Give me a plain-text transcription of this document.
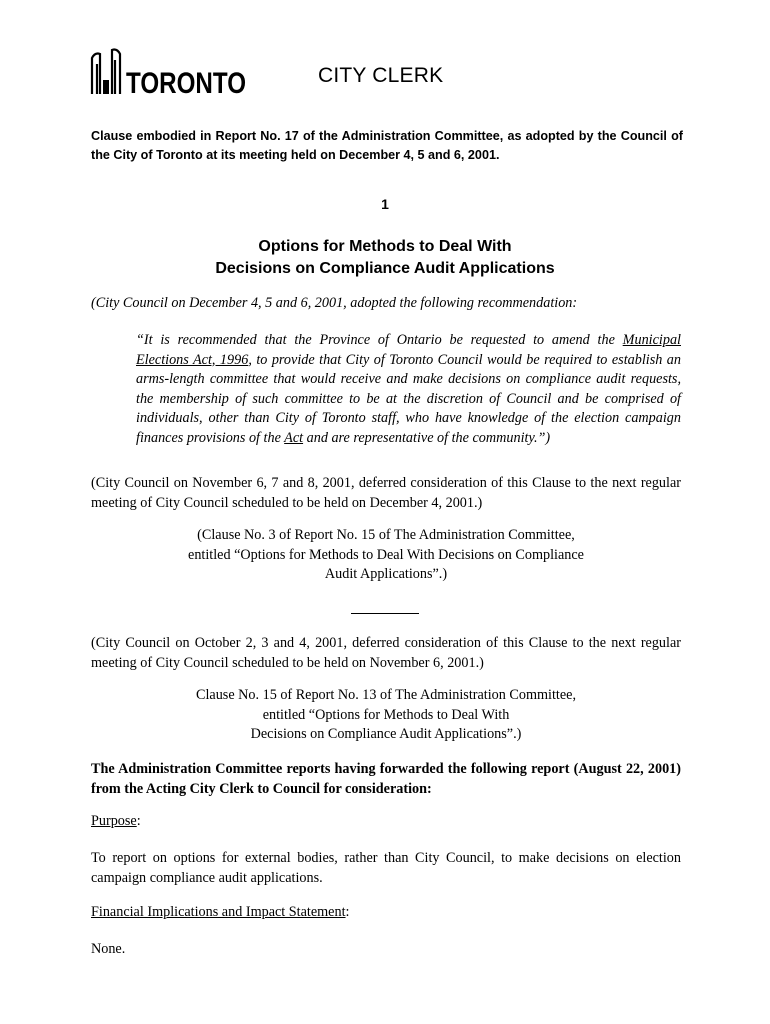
TORONTO	CITY CLERK
Clause embodied in Report No. 17 of the Administration Committee, as adopted by the Council of the City of Toronto at its meeting held on December 4, 5 and 6, 2001.
1
Options for Methods to Deal With
Decisions on Compliance Audit Applications
(City Council on December 4, 5 and 6, 2001, adopted the following recommendation:
“It is recommended that the Province of Ontario be requested to amend the Municipal Elections Act, 1996, to provide that City of Toronto Council would be required to establish an arms-length committee that would receive and make decisions on compliance audit requests, the membership of such committee to be at the discretion of Council and be comprised of individuals, other than City of Toronto staff, who have knowledge of the election campaign finances provisions of the Act and are representative of the community.”)
(City Council on November 6, 7 and 8, 2001, deferred consideration of this Clause to the next regular meeting of City Council scheduled to be held on December 4, 2001.)
(Clause No. 3 of Report No. 15 of The Administration Committee,
entitled “Options for Methods to Deal With Decisions on Compliance
Audit Applications”.)
(City Council on October 2, 3 and 4, 2001, deferred consideration of this Clause to the next regular meeting of City Council scheduled to be held on November 6, 2001.)
Clause No. 15 of Report No. 13 of The Administration Committee,
entitled “Options for Methods to Deal With
Decisions on Compliance Audit Applications”.)
The Administration Committee reports having forwarded the following report (August 22, 2001) from the Acting City Clerk to Council for consideration:
Purpose:
To report on options for external bodies, rather than City Council, to make decisions on election campaign compliance audit applications.
Financial Implications and Impact Statement:
None.
